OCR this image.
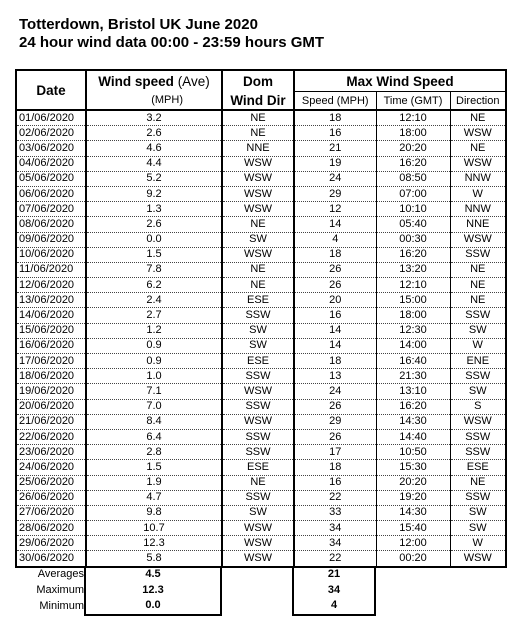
Totterdown, Bristol UK June 2020
24 hour wind data 00:00 - 23:59 hours GMT
Date	Wind speed (Ave)	Dom	Max Wind Speed		
	(MPH)	Wind Dir	Speed (MPH)	Time (GMT)	Direction
01/06/2020	3.2	NE	18	12:10	NE
02/06/2020	2.6	NE	16	18:00	WSW
03/06/2020	4.6	NNE	21	20:20	NE
04/06/2020	4.4	WSW	19	16:20	WSW
05/06/2020	5.2	WSW	24	08:50	NNW
06/06/2020	9.2	WSW	29	07:00	W
07/06/2020	1.3	WSW	12	10:10	NNW
08/06/2020	2.6	NE	14	05:40	NNE
09/06/2020	0.0	SW	4	00:30	WSW
10/06/2020	1.5	WSW	18	16:20	SSW
11/06/2020	7.8	NE	26	13:20	NE
12/06/2020	6.2	NE	26	12:10	NE
13/06/2020	2.4	ESE	20	15:00	NE
14/06/2020	2.7	SSW	16	18:00	SSW
15/06/2020	1.2	SW	14	12:30	SW
16/06/2020	0.9	SW	14	14:00	W
17/06/2020	0.9	ESE	18	16:40	ENE
18/06/2020	1.0	SSW	13	21:30	SSW
19/06/2020	7.1	WSW	24	13:10	SW
20/06/2020	7.0	SSW	26	16:20	S
21/06/2020	8.4	WSW	29	14:30	WSW
22/06/2020	6.4	SSW	26	14:40	SSW
23/06/2020	2.8	SSW	17	10:50	SSW
24/06/2020	1.5	ESE	18	15:30	ESE
25/06/2020	1.9	NE	16	20:20	NE
26/06/2020	4.7	SSW	22	19:20	SSW
27/06/2020	9.8	SW	33	14:30	SW
28/06/2020	10.7	WSW	34	15:40	SW
29/06/2020	12.3	WSW	34	12:00	W
30/06/2020	5.8	WSW	22	00:20	WSW
Averages	4.5		21
Maximum	12.3		34
Minimum	0.0		4
